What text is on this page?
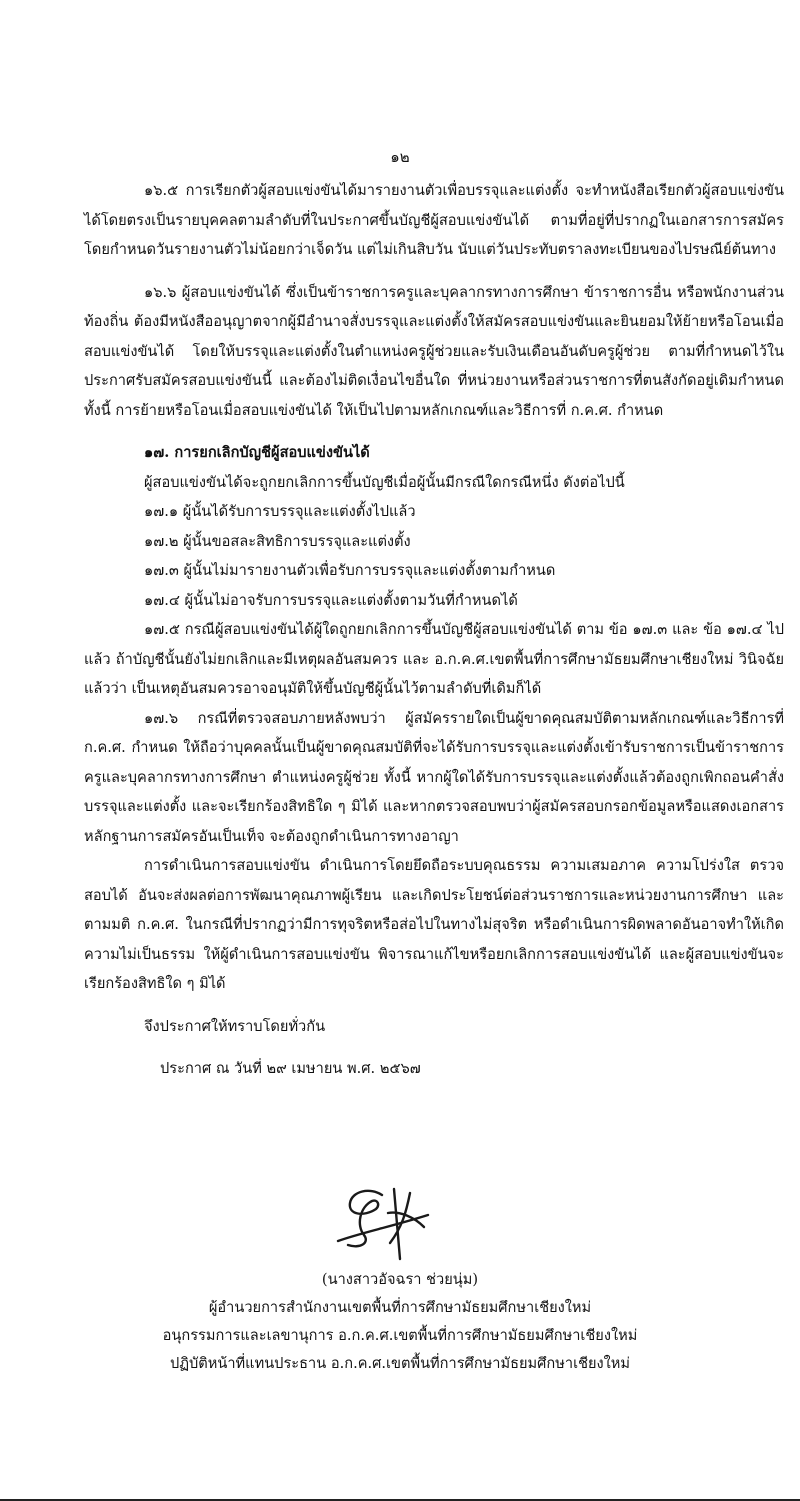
๑๒

๑๖.๕ การเรียกตัวผู้สอบแข่งขันได้มารายงานตัวเพื่อบรรจุและแต่งตั้ง จะทำหนังสือเรียกตัวผู้สอบแข่งขันได้โดยตรงเป็นรายบุคคลตามลำดับที่ในประกาศขึ้นบัญชีผู้สอบแข่งขันได้ ตามที่อยู่ที่ปรากฏในเอกสารการสมัคร โดยกำหนดวันรายงานตัวไม่น้อยกว่าเจ็ดวัน แต่ไม่เกินสิบวัน นับแต่วันประทับตราลงทะเบียนของไปรษณีย์ต้นทาง

๑๖.๖ ผู้สอบแข่งขันได้ ซึ่งเป็นข้าราชการครูและบุคลากรทางการศึกษา ข้าราชการอื่น หรือพนักงานส่วนท้องถิ่น ต้องมีหนังสืออนุญาตจากผู้มีอำนาจสั่งบรรจุและแต่งตั้งให้สมัครสอบแข่งขันและยินยอมให้ย้ายหรือโอนเมื่อสอบแข่งขันได้ โดยให้บรรจุและแต่งตั้งในตำแหน่งครูผู้ช่วยและรับเงินเดือนอันดับครูผู้ช่วย ตามที่กำหนดไว้ในประกาศรับสมัครสอบแข่งขันนี้ และต้องไม่ติดเงื่อนไขอื่นใด ที่หน่วยงานหรือส่วนราชการที่ตนสังกัดอยู่เดิมกำหนด ทั้งนี้ การย้ายหรือโอนเมื่อสอบแข่งขันได้ ให้เป็นไปตามหลักเกณฑ์และวิธีการที่ ก.ค.ศ. กำหนด

๑๗. การยกเลิกบัญชีผู้สอบแข่งขันได้

ผู้สอบแข่งขันได้จะถูกยกเลิกการขึ้นบัญชีเมื่อผู้นั้นมีกรณีใดกรณีหนึ่ง ดังต่อไปนี้

๑๗.๑ ผู้นั้นได้รับการบรรจุและแต่งตั้งไปแล้ว

๑๗.๒ ผู้นั้นขอสละสิทธิการบรรจุและแต่งตั้ง

๑๗.๓ ผู้นั้นไม่มารายงานตัวเพื่อรับการบรรจุและแต่งตั้งตามกำหนด

๑๗.๔ ผู้นั้นไม่อาจรับการบรรจุและแต่งตั้งตามวันที่กำหนดได้

๑๗.๕ กรณีผู้สอบแข่งขันได้ผู้ใดถูกยกเลิกการขึ้นบัญชีผู้สอบแข่งขันได้ ตาม ข้อ ๑๗.๓ และ ข้อ ๑๗.๔ ไปแล้ว ถ้าบัญชีนั้นยังไม่ยกเลิกและมีเหตุผลอันสมควร และ อ.ก.ค.ศ.เขตพื้นที่การศึกษามัธยมศึกษาเชียงใหม่ วินิจฉัยแล้วว่า เป็นเหตุอันสมควรอาจอนุมัติให้ขึ้นบัญชีผู้นั้นไว้ตามลำดับที่เดิมก็ได้

๑๗.๖ กรณีที่ตรวจสอบภายหลังพบว่า ผู้สมัครรายใดเป็นผู้ขาดคุณสมบัติตามหลักเกณฑ์และวิธีการที่ ก.ค.ศ. กำหนด ให้ถือว่าบุคคลนั้นเป็นผู้ขาดคุณสมบัติที่จะได้รับการบรรจุและแต่งตั้งเข้ารับราชการเป็นข้าราชการครูและบุคลากรทางการศึกษา ตำแหน่งครูผู้ช่วย ทั้งนี้ หากผู้ใดได้รับการบรรจุและแต่งตั้งแล้วต้องถูกเพิกถอนคำสั่งบรรจุและแต่งตั้ง และจะเรียกร้องสิทธิใด ๆ มิได้ และหากตรวจสอบพบว่าผู้สมัครสอบกรอกข้อมูลหรือแสดงเอกสารหลักฐานการสมัครอันเป็นเท็จ จะต้องถูกดำเนินการทางอาญา

การดำเนินการสอบแข่งขัน ดำเนินการโดยยึดถือระบบคุณธรรม ความเสมอภาค ความโปร่งใส ตรวจสอบได้ อันจะส่งผลต่อการพัฒนาคุณภาพผู้เรียน และเกิดประโยชน์ต่อส่วนราชการและหน่วยงานการศึกษา และตามมติ ก.ค.ศ. ในกรณีที่ปรากฏว่ามีการทุจริตหรือส่อไปในทางไม่สุจริต หรือดำเนินการผิดพลาดอันอาจทำให้เกิดความไม่เป็นธรรม ให้ผู้ดำเนินการสอบแข่งขัน พิจารณาแก้ไขหรือยกเลิกการสอบแข่งขันได้ และผู้สอบแข่งขันจะเรียกร้องสิทธิใด ๆ มิได้

จึงประกาศให้ทราบโดยทั่วกัน

ประกาศ ณ วันที่ ๒๙ เมษายน พ.ศ. ๒๕๖๗

(นางสาวอัจฉรา ช่วยนุ่ม)
ผู้อำนวยการสำนักงานเขตพื้นที่การศึกษามัธยมศึกษาเชียงใหม่
อนุกรรมการและเลขานุการ อ.ก.ค.ศ.เขตพื้นที่การศึกษามัธยมศึกษาเชียงใหม่
ปฏิบัติหน้าที่แทนประธาน อ.ก.ค.ศ.เขตพื้นที่การศึกษามัธยมศึกษาเชียงใหม่
